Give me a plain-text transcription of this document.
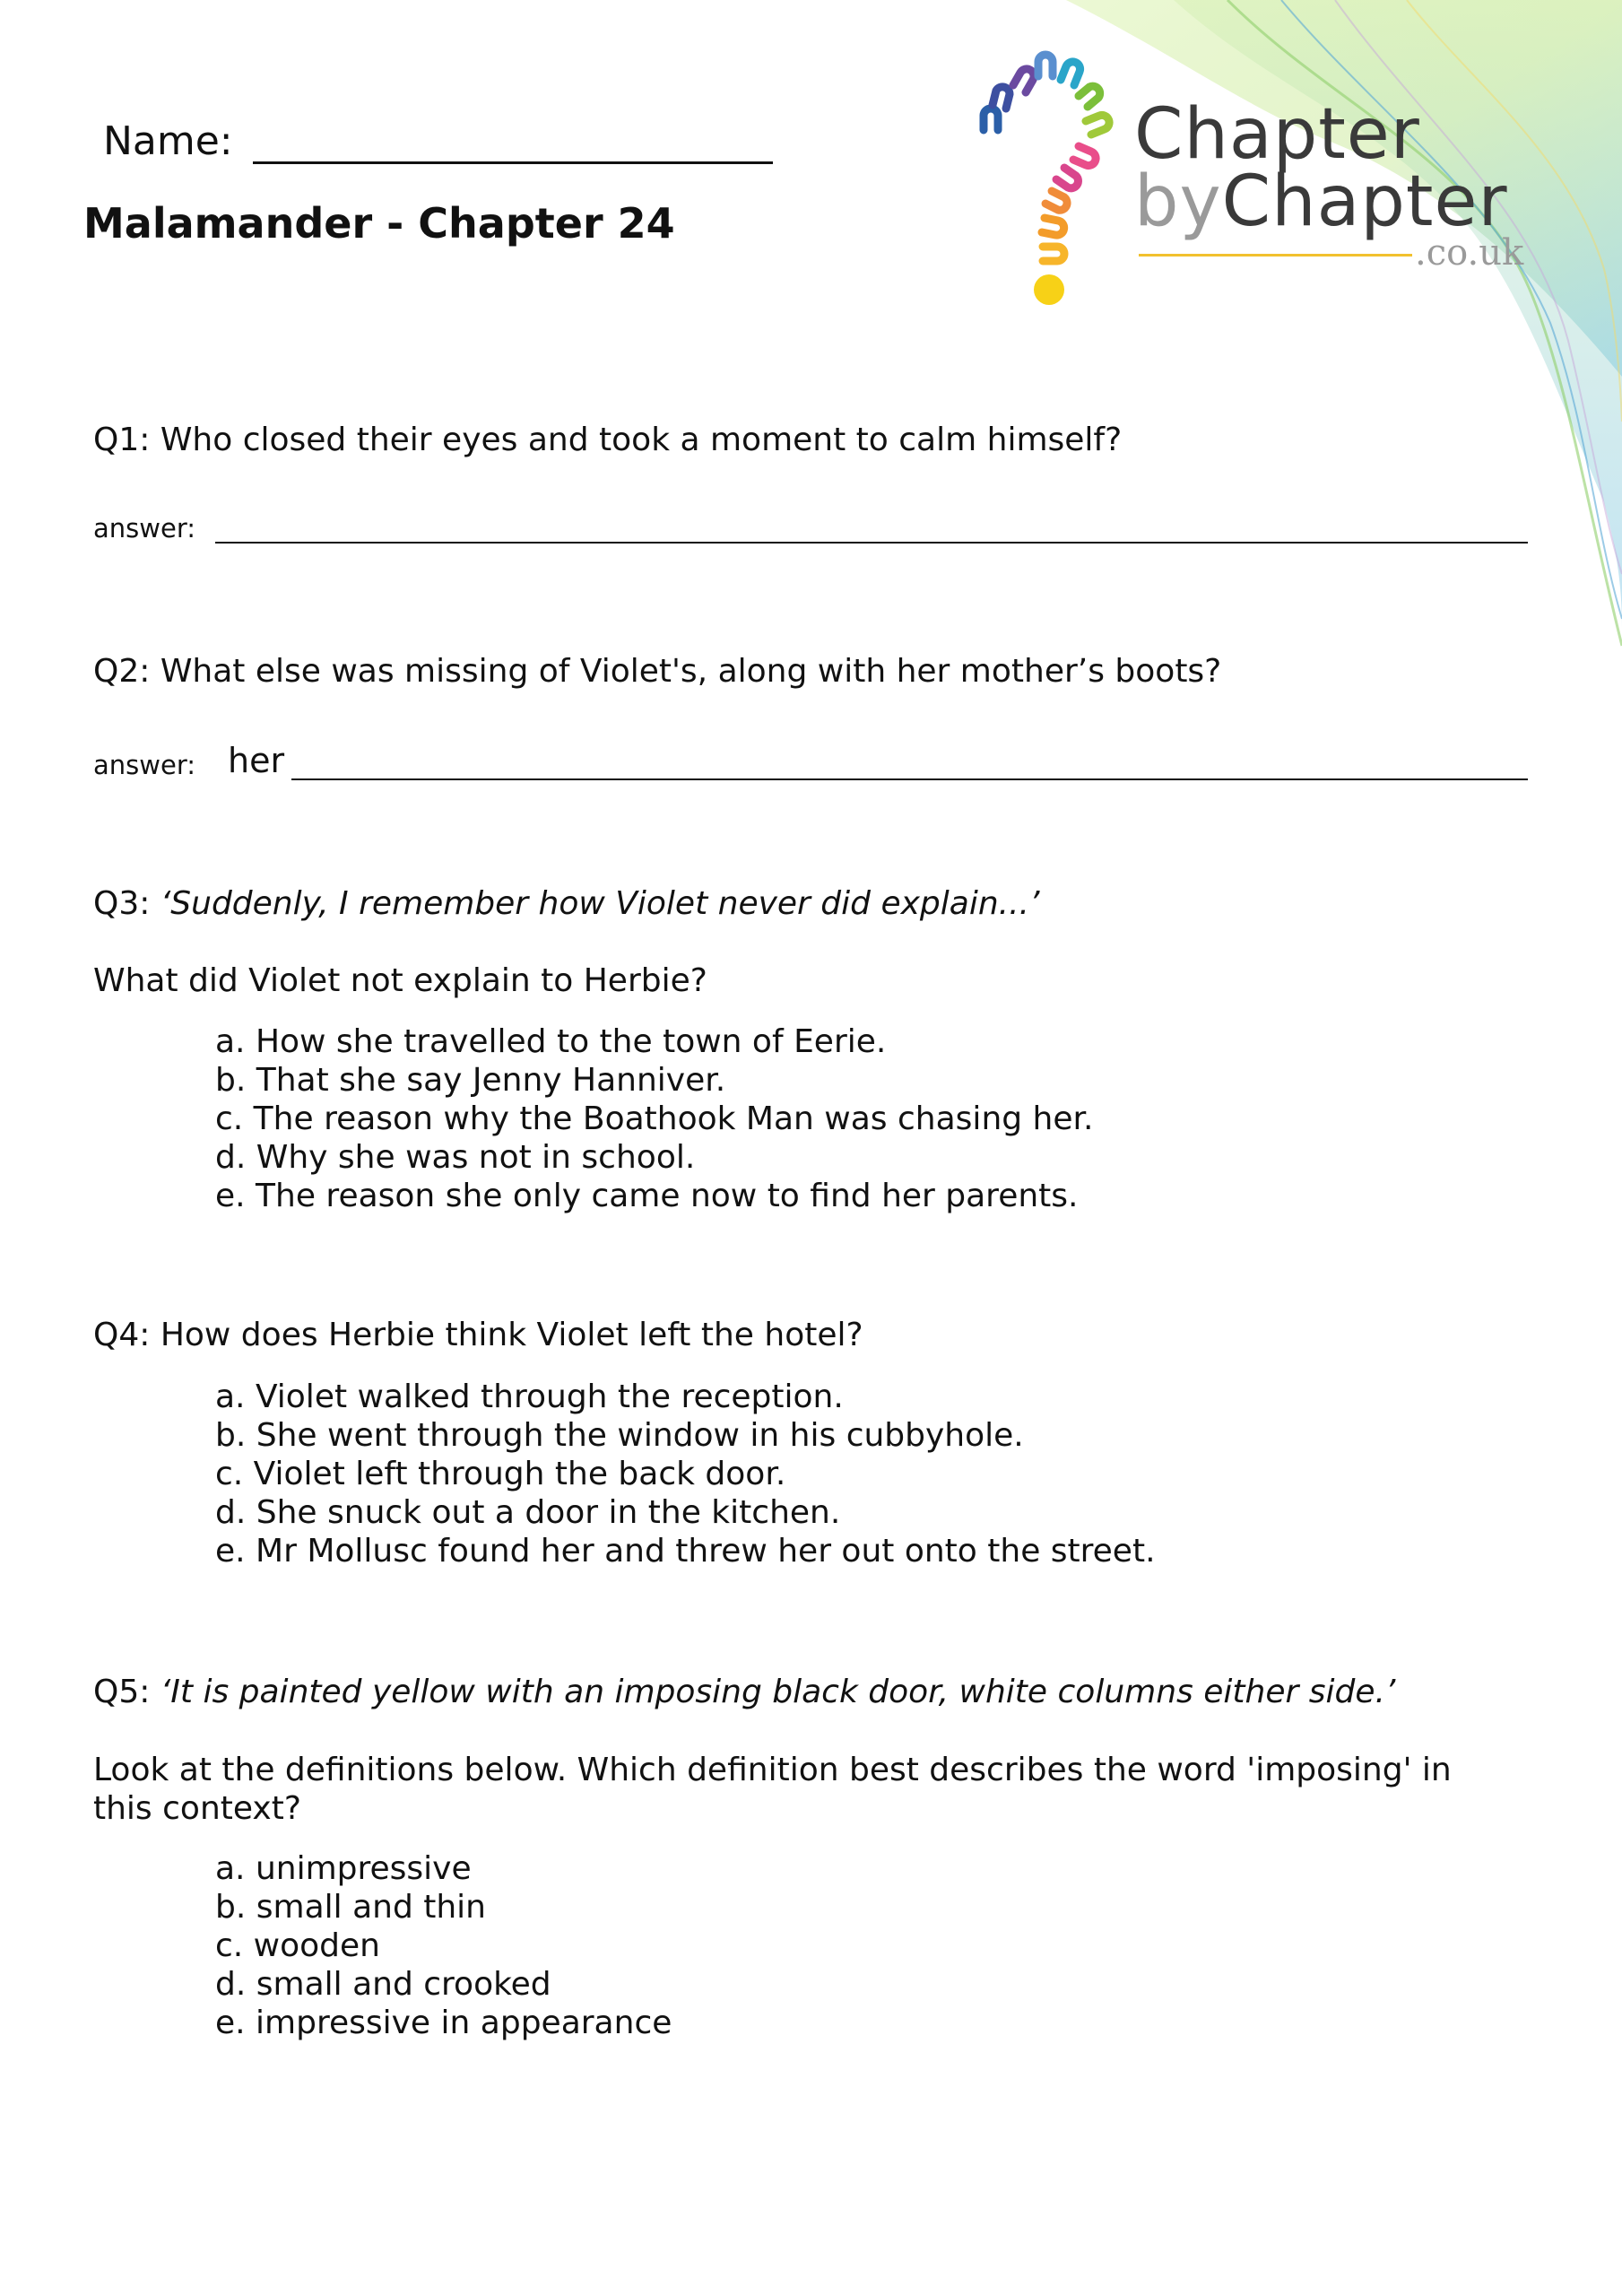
Name:
Malamander - Chapter 24
Chapter
byChapter
.co.uk

Q1: Who closed their eyes and took a moment to calm himself?

answer:

Q2: What else was missing of Violet's, along with her mother’s boots?

answer: her

Q3: ‘Suddenly, I remember how Violet never did explain...’

What did Violet not explain to Herbie?

a. How she travelled to the town of Eerie.
b. That she say Jenny Hanniver.
c. The reason why the Boathook Man was chasing her.
d. Why she was not in school.
e. The reason she only came now to find her parents.

Q4: How does Herbie think Violet left the hotel?

a. Violet walked through the reception.
b. She went through the window in his cubbyhole.
c. Violet left through the back door.
d. She snuck out a door in the kitchen.
e. Mr Mollusc found her and threw her out onto the street.

Q5: ‘It is painted yellow with an imposing black door, white columns either side.’

Look at the definitions below. Which definition best describes the word 'imposing' in
this context?

a. unimpressive
b. small and thin
c. wooden
d. small and crooked
e. impressive in appearance
